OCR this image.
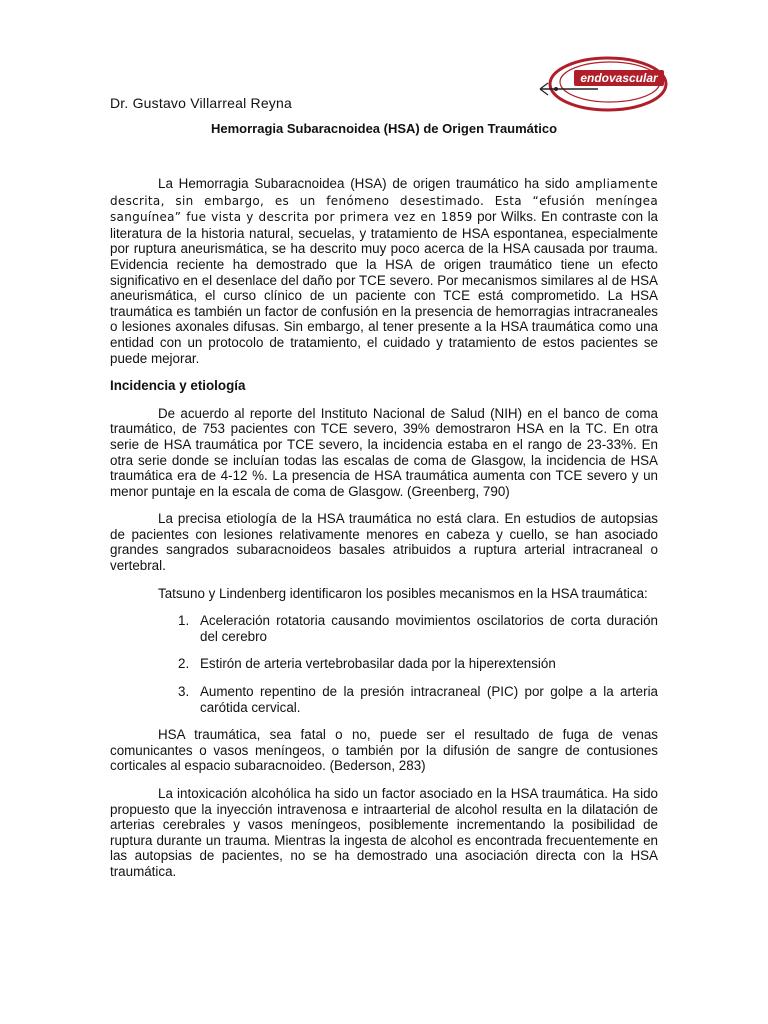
endovascular
Dr. Gustavo Villarreal Reyna
Hemorragia Subaracnoidea (HSA) de Origen Traumático

La Hemorragia Subaracnoidea (HSA) de origen traumático ha sido ampliamente descrita, sin embargo, es un fenómeno desestimado. Esta “efusión meníngea sanguínea” fue vista y descrita por primera vez en 1859 por Wilks. En contraste con la literatura de la historia natural, secuelas, y tratamiento de HSA espontanea, especialmente por ruptura aneurismática, se ha descrito muy poco acerca de la HSA causada por trauma. Evidencia reciente ha demostrado que la HSA de origen traumático tiene un efecto significativo en el desenlace del daño por TCE severo. Por mecanismos similares al de HSA aneurismática, el curso clínico de un paciente con TCE está comprometido. La HSA traumática es también un factor de confusión en la presencia de hemorragias intracraneales o lesiones axonales difusas. Sin embargo, al tener presente a la HSA traumática como una entidad con un protocolo de tratamiento, el cuidado y tratamiento de estos pacientes se puede mejorar.

Incidencia y etiología

De acuerdo al reporte del Instituto Nacional de Salud (NIH) en el banco de coma traumático, de 753 pacientes con TCE severo, 39% demostraron HSA en la TC. En otra serie de HSA traumática por TCE severo, la incidencia estaba en el rango de 23-33%. En otra serie donde se incluían todas las escalas de coma de Glasgow, la incidencia de HSA traumática era de 4-12 %. La presencia de HSA traumática aumenta con TCE severo y un menor puntaje en la escala de coma de Glasgow. (Greenberg, 790)

La precisa etiología de la HSA traumática no está clara. En estudios de autopsias de pacientes con lesiones relativamente menores en cabeza y cuello, se han asociado grandes sangrados subaracnoideos basales atribuidos a ruptura arterial intracraneal o vertebral.

Tatsuno y Lindenberg identificaron los posibles mecanismos en la HSA traumática:

1. Aceleración rotatoria causando movimientos oscilatorios de corta duración del cerebro
2. Estirón de arteria vertebrobasilar dada por la hiperextensión
3. Aumento repentino de la presión intracraneal (PIC) por golpe a la arteria carótida cervical.

HSA traumática, sea fatal o no, puede ser el resultado de fuga de venas comunicantes o vasos meníngeos, o también por la difusión de sangre de contusiones corticales al espacio subaracnoideo. (Bederson, 283)

La intoxicación alcohólica ha sido un factor asociado en la HSA traumática. Ha sido propuesto que la inyección intravenosa e intraarterial de alcohol resulta en la dilatación de arterias cerebrales y vasos meníngeos, posiblemente incrementando la posibilidad de ruptura durante un trauma. Mientras la ingesta de alcohol es encontrada frecuentemente en las autopsias de pacientes, no se ha demostrado una asociación directa con la HSA traumática.
